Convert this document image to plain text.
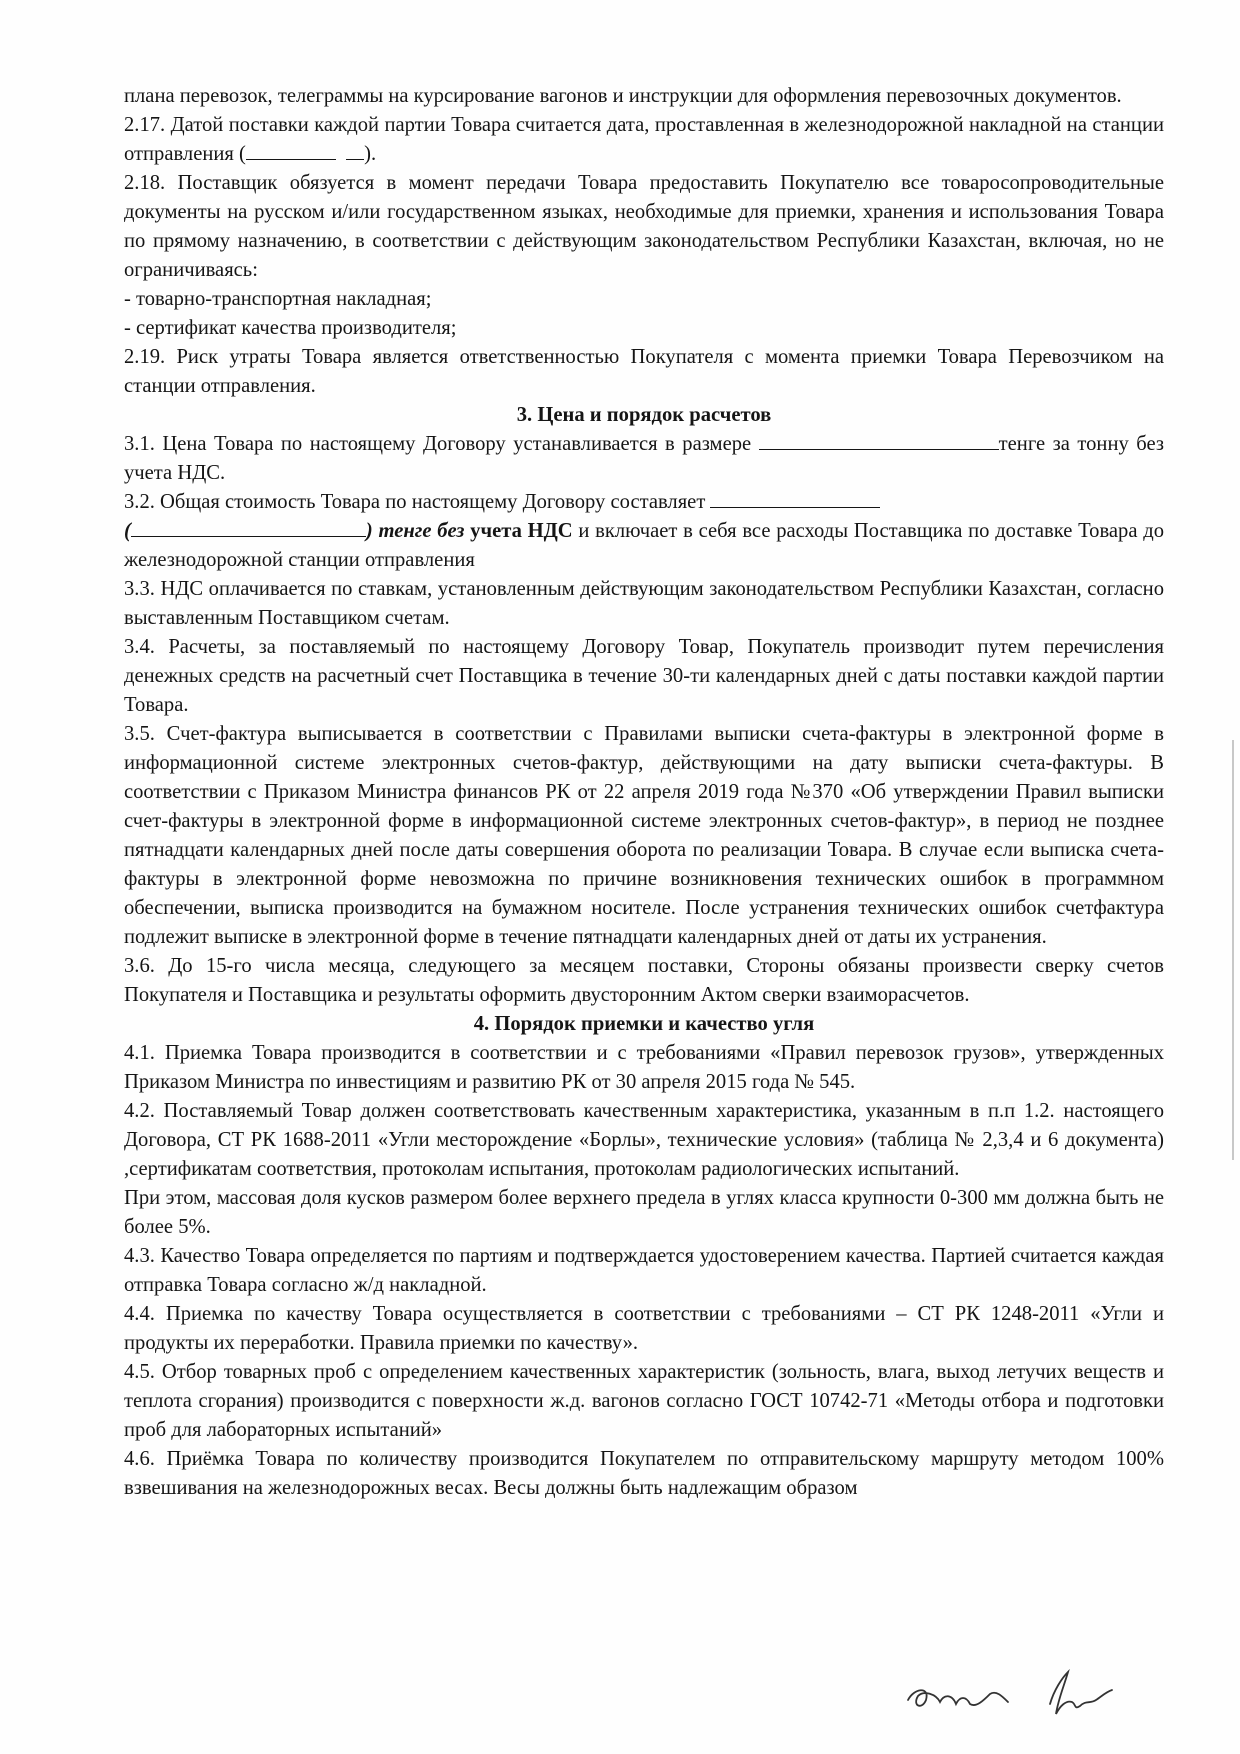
плана перевозок, телеграммы на курсирование вагонов и инструкции для оформления перевозочных документов.

2.17. Датой поставки каждой партии Товара считается дата, проставленная в железнодорожной накладной на станции отправления (	).

2.18. Поставщик обязуется в момент передачи Товара предоставить Покупателю все товаросопроводительные документы на русском и/или государственном языках, необходимые для приемки, хранения и использования Товара по прямому назначению, в соответствии с действующим законодательством Республики Казахстан, включая, но не ограничиваясь:

- товарно-транспортная накладная;

- сертификат качества производителя;

2.19. Риск утраты Товара является ответственностью Покупателя с момента приемки Товара Перевозчиком на станции отправления.

3. Цена и порядок расчетов

3.1. Цена Товара по настоящему Договору устанавливается в размере	тенге за тонну без учета НДС.

3.2. Общая стоимость Товара по настоящему Договору составляет
(	) тенге без учета НДС и включает в себя все расходы Поставщика по доставке Товара до железнодорожной станции отправления

3.3. НДС оплачивается по ставкам, установленным действующим законодательством Республики Казахстан, согласно выставленным Поставщиком счетам.

3.4. Расчеты, за поставляемый по настоящему Договору Товар, Покупатель производит путем перечисления денежных средств на расчетный счет Поставщика в течение 30-ти календарных дней с даты поставки каждой партии Товара.

3.5. Счет-фактура выписывается в соответствии с Правилами выписки счета-фактуры в электронной форме в информационной системе электронных счетов-фактур, действующими на дату выписки счета-фактуры. В соответствии с Приказом Министра финансов РК от 22 апреля 2019 года №370 «Об утверждении Правил выписки счет-фактуры в электронной форме в информационной системе электронных счетов-фактур», в период не позднее пятнадцати календарных дней после даты совершения оборота по реализации Товара. В случае если выписка счета-фактуры в электронной форме невозможна по причине возникновения технических ошибок в программном обеспечении, выписка производится на бумажном носителе. После устранения технических ошибок счетфактура подлежит выписке в электронной форме в течение пятнадцати календарных дней от даты их устранения.

3.6. До 15-го числа месяца, следующего за месяцем поставки, Стороны обязаны произвести сверку счетов Покупателя и Поставщика и результаты оформить двусторонним Актом сверки взаиморасчетов.

4. Порядок приемки и качество угля

4.1. Приемка Товара производится в соответствии и с требованиями «Правил перевозок грузов», утвержденных Приказом Министра по инвестициям и развитию РК от 30 апреля 2015 года № 545.

4.2. Поставляемый Товар должен соответствовать качественным характеристика, указанным в п.п 1.2. настоящего Договора, СТ РК 1688-2011 «Угли месторождение «Борлы», технические условия» (таблица № 2,3,4 и 6 документа) ,сертификатам соответствия, протоколам испытания, протоколам радиологических испытаний.

При этом, массовая доля кусков размером более верхнего предела в углях класса крупности 0-300 мм должна быть не более 5%.

4.3. Качество Товара определяется по партиям и подтверждается удостоверением качества. Партией считается каждая отправка Товара согласно ж/д накладной.

4.4. Приемка по качеству Товара осуществляется в соответствии с требованиями – СТ РК 1248-2011 «Угли и продукты их переработки. Правила приемки по качеству».

4.5. Отбор товарных проб с определением качественных характеристик (зольность, влага, выход летучих веществ и теплота сгорания) производится с поверхности ж.д. вагонов согласно ГОСТ 10742-71 «Методы отбора и подготовки проб для лабораторных испытаний»

4.6. Приёмка Товара по количеству производится Покупателем по отправительскому маршруту методом 100% взвешивания на железнодорожных весах. Весы должны быть надлежащим образом
